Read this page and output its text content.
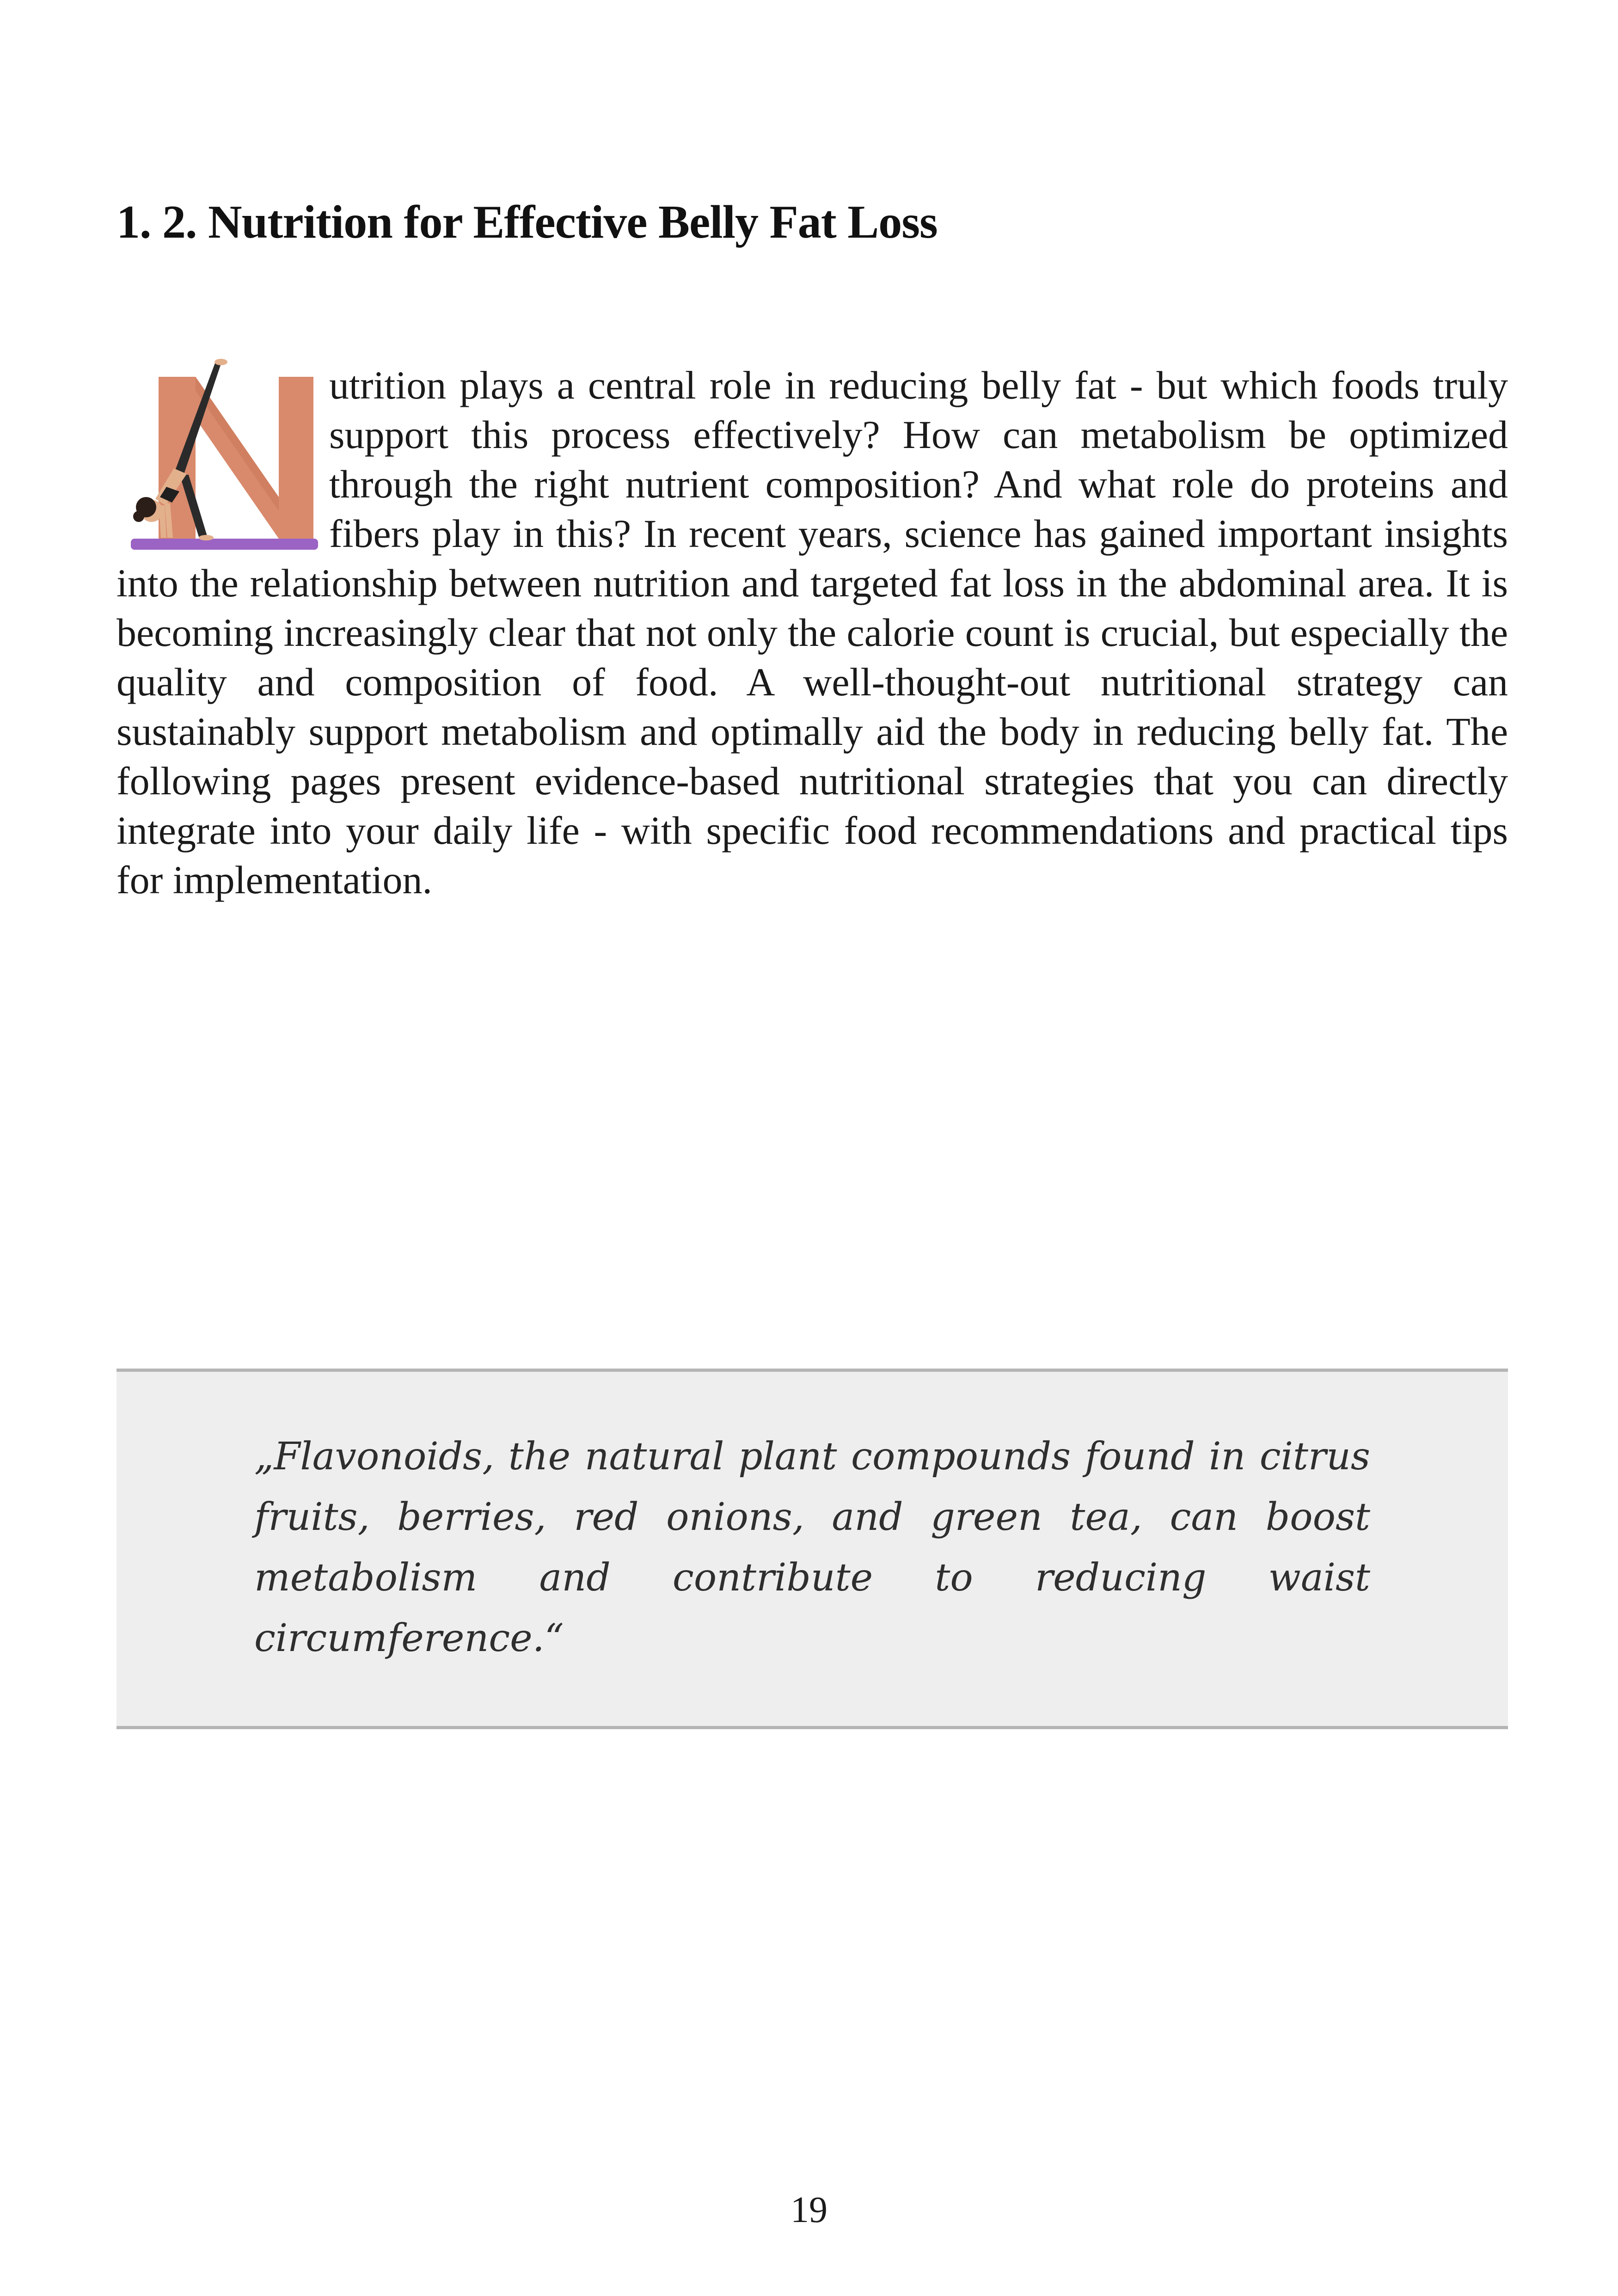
1. 2. Nutrition for Effective Belly Fat Loss

utrition plays a central role in reducing belly fat - but which foods truly support this process effectively? How can metabolism be optimized through the right nutrient composition? And what role do proteins and fibers play in this? In recent years, science has gained important insights into the relationship between nutrition and targeted fat loss in the abdominal area. It is becoming increasingly clear that not only the calorie count is crucial, but especially the quality and composition of food. A well-thought-out nutritional strategy can sustainably support metabolism and optimally aid the body in reducing belly fat. The following pages present evidence-based nutritional strategies that you can directly integrate into your daily life - with specific food recommendations and practical tips for implementation.

„Flavonoids, the natural plant compounds found in citrus fruits, berries, red onions, and green tea, can boost metabolism and contribute to reducing waist circumference.“

19
